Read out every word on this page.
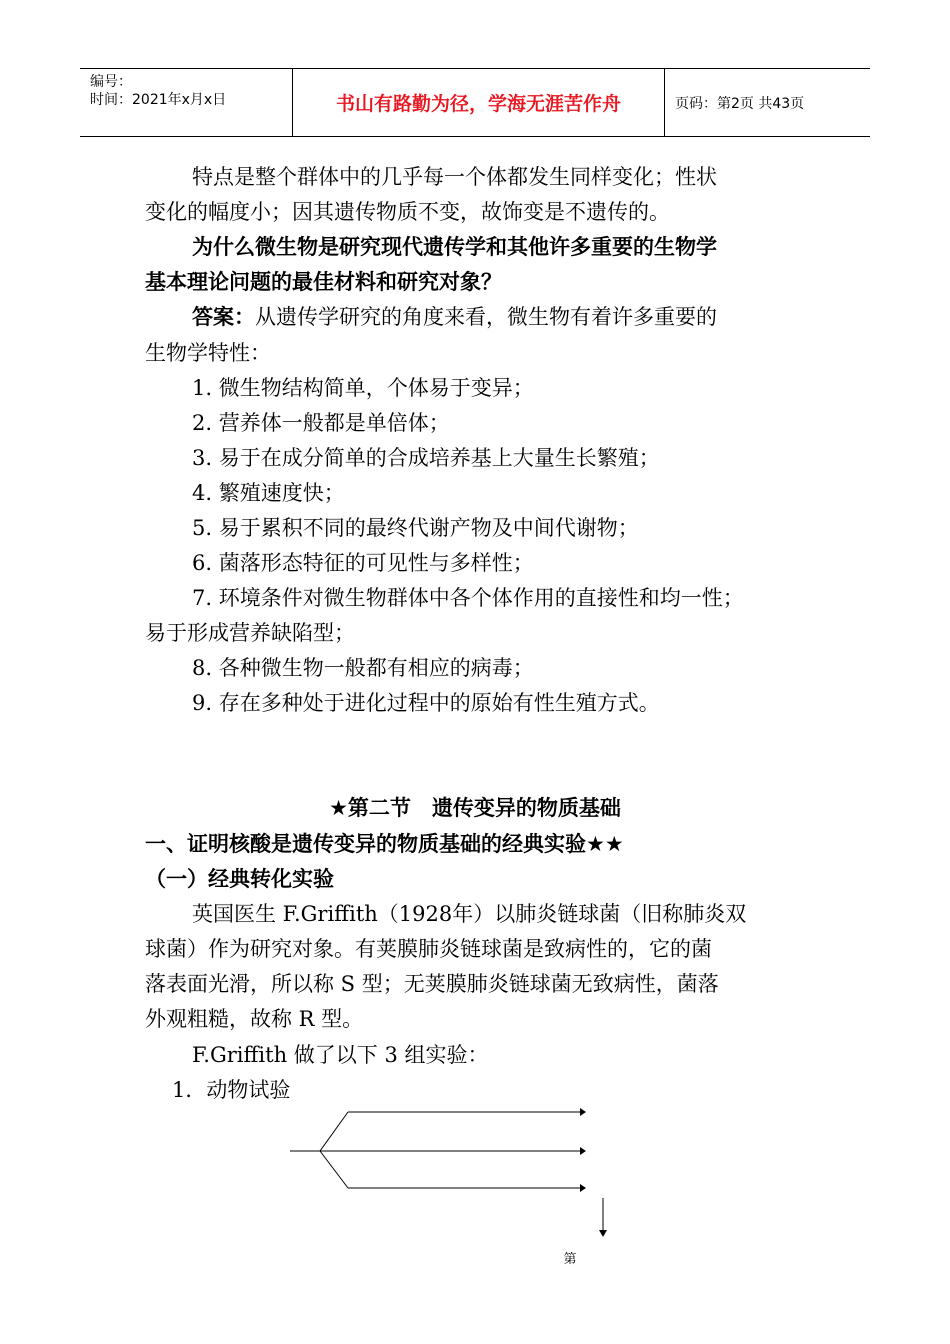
编号：
时间：2021年x月x日	书山有路勤为径，学海无涯苦作舟	页码：第2页 共43页
特点是整个群体中的几乎每一个体都发生同样变化；性状
变化的幅度小；因其遗传物质不变，故饰变是不遗传的。
为什么微生物是研究现代遗传学和其他许多重要的生物学
基本理论问题的最佳材料和研究对象？
答案：从遗传学研究的角度来看，微生物有着许多重要的
生物学特性：
1. 微生物结构简单，个体易于变异；
2. 营养体一般都是单倍体；
3. 易于在成分简单的合成培养基上大量生长繁殖；
4. 繁殖速度快；
5. 易于累积不同的最终代谢产物及中间代谢物；
6. 菌落形态特征的可见性与多样性；
7. 环境条件对微生物群体中各个体作用的直接性和均一性；
易于形成营养缺陷型；
8. 各种微生物一般都有相应的病毒；
9. 存在多种处于进化过程中的原始有性生殖方式。
★第二节　遗传变异的物质基础
一、证明核酸是遗传变异的物质基础的经典实验★★
（一）经典转化实验
英国医生 F.Griffith（1928年）以肺炎链球菌（旧称肺炎双
球菌）作为研究对象。有荚膜肺炎链球菌是致病性的，它的菌
落表面光滑，所以称 S 型；无荚膜肺炎链球菌无致病性，菌落
外观粗糙，故称 R 型。
F.Griffith 做了以下 3 组实验：
1．动物试验
第
